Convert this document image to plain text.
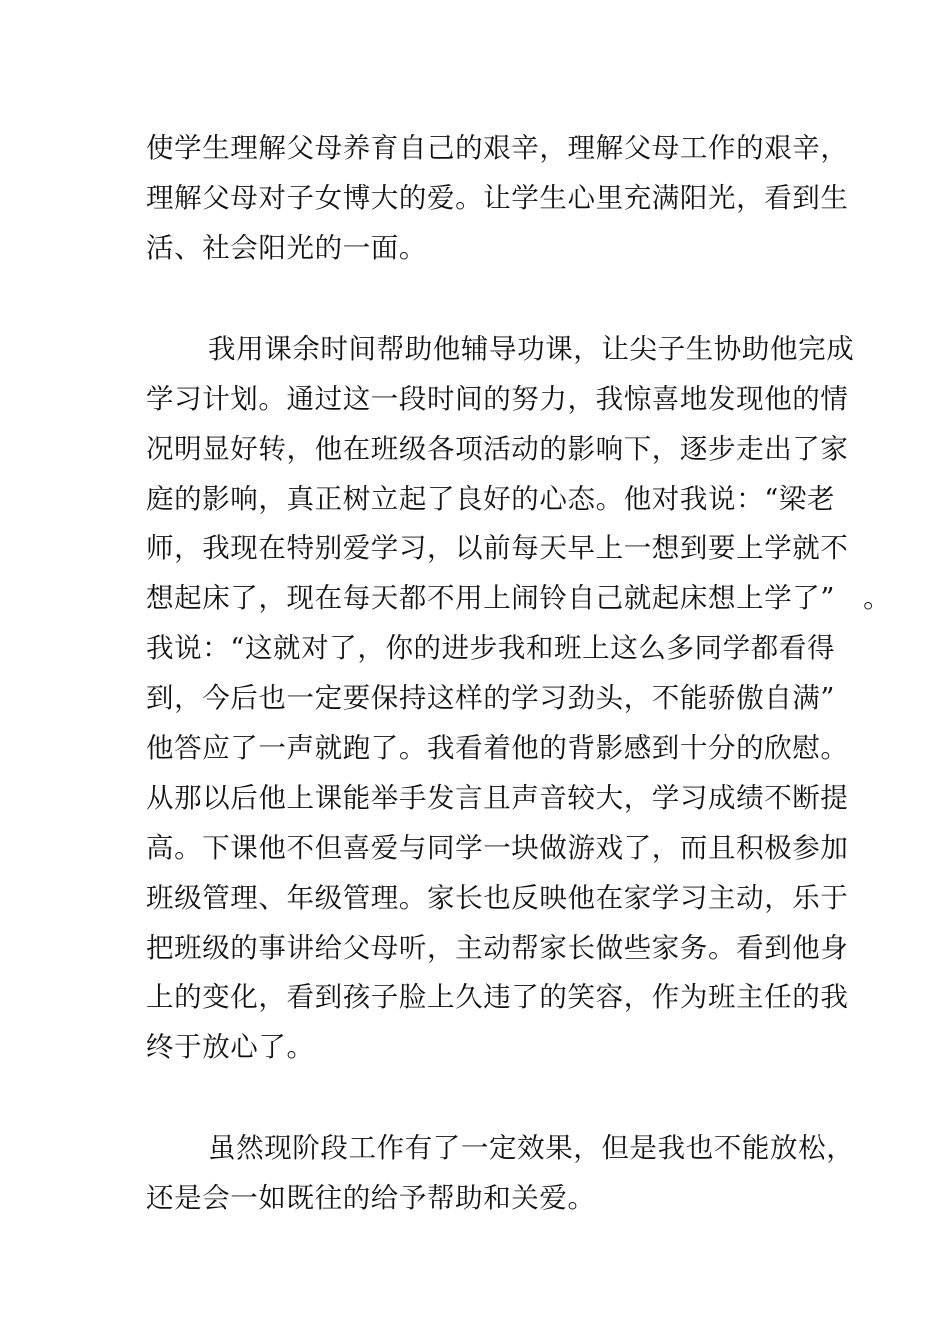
使学生理解父母养育自己的艰辛，理解父母工作的艰辛，
理解父母对子女博大的爱。让学生心里充满阳光，看到生
活、社会阳光的一面。
我用课余时间帮助他辅导功课，让尖子生协助他完成
学习计划。通过这一段时间的努力，我惊喜地发现他的情
况明显好转，他在班级各项活动的影响下，逐步走出了家
庭的影响，真正树立起了良好的心态。他对我说：“梁老
师，我现在特别爱学习，以前每天早上一想到要上学就不
想起床了，现在每天都不用上闹铃自己就起床想上学了”　。
我说：“这就对了，你的进步我和班上这么多同学都看得
到，今后也一定要保持这样的学习劲头，不能骄傲自满”
他答应了一声就跑了。我看着他的背影感到十分的欣慰。
从那以后他上课能举手发言且声音较大，学习成绩不断提
高。下课他不但喜爱与同学一块做游戏了，而且积极参加
班级管理、年级管理。家长也反映他在家学习主动，乐于
把班级的事讲给父母听，主动帮家长做些家务。看到他身
上的变化，看到孩子脸上久违了的笑容，作为班主任的我
终于放心了。
虽然现阶段工作有了一定效果，但是我也不能放松，
还是会一如既往的给予帮助和关爱。
